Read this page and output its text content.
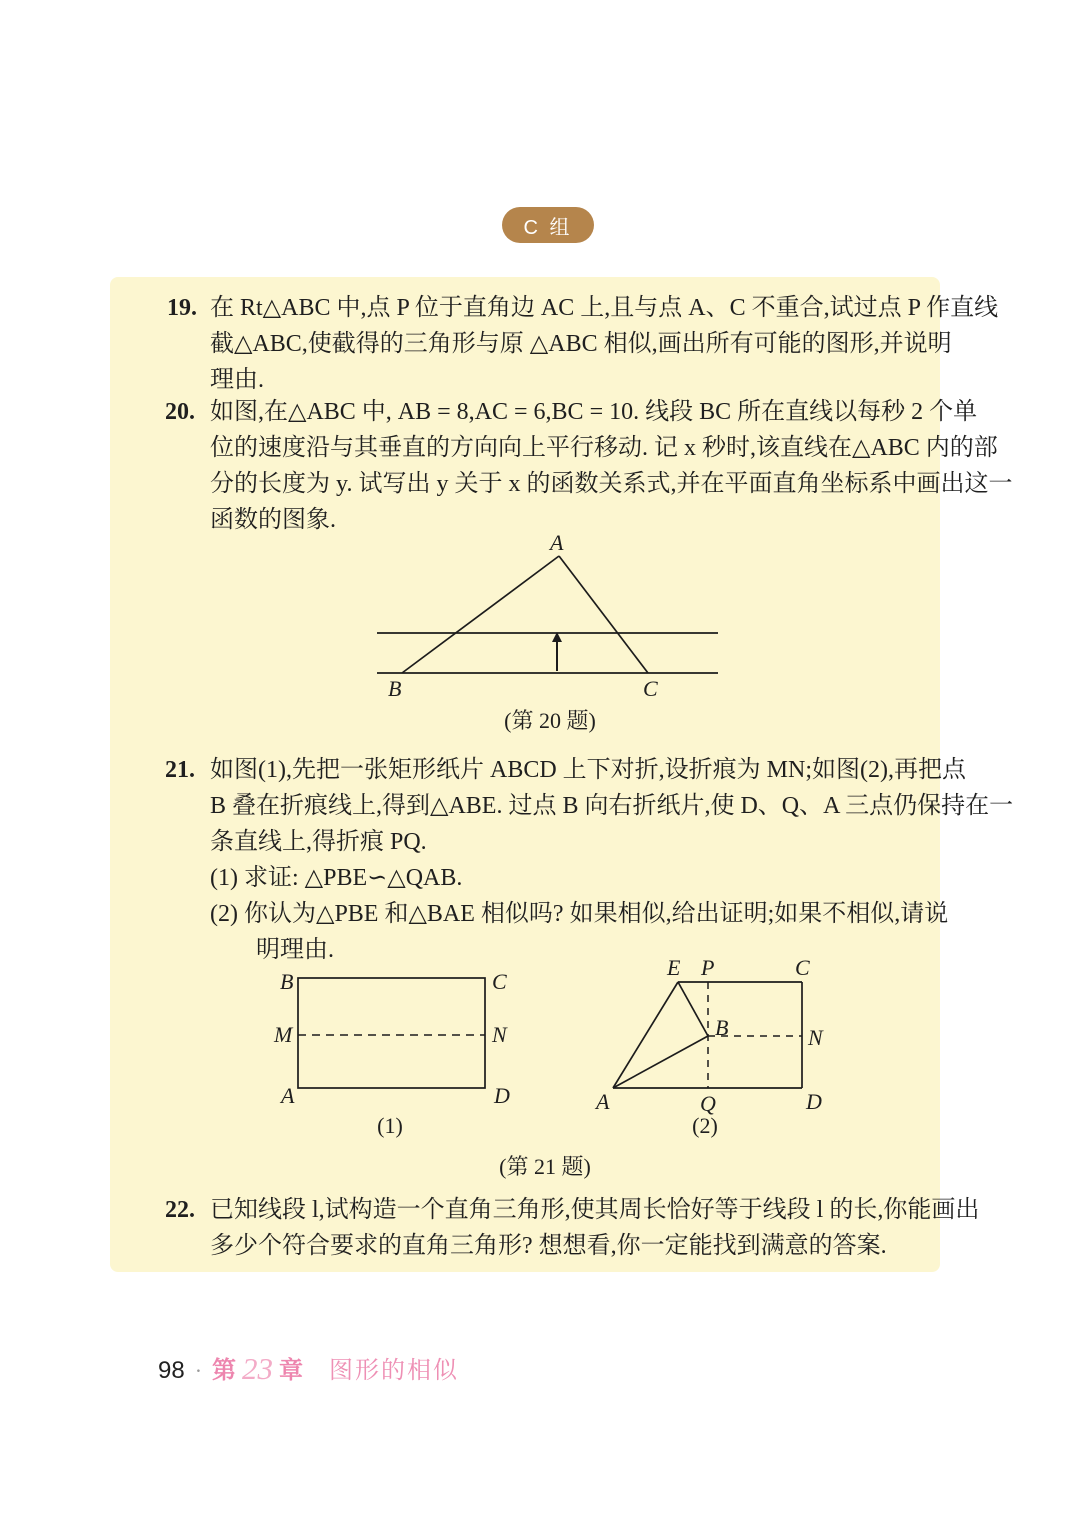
C 组
19. 在 Rt△ABC 中,点 P 位于直角边 AC 上,且与点 A、C 不重合,试过点 P 作直线
截△ABC,使截得的三角形与原 △ABC 相似,画出所有可能的图形,并说明
理由.
20. 如图,在△ABC 中, AB = 8,AC = 6,BC = 10. 线段 BC 所在直线以每秒 2 个单
位的速度沿与其垂直的方向向上平行移动. 记 x 秒时,该直线在△ABC 内的部
分的长度为 y. 试写出 y 关于 x 的函数关系式,并在平面直角坐标系中画出这一
函数的图象.
A
B	C
(第 20 题)
21. 如图(1),先把一张矩形纸片 ABCD 上下对折,设折痕为 MN;如图(2),再把点
B 叠在折痕线上,得到△ABE. 过点 B 向右折纸片,使 D、Q、A 三点仍保持在一
条直线上,得折痕 PQ.
(1) 求证: △PBE∽△QAB.
(2) 你认为△PBE 和△BAE 相似吗? 如果相似,给出证明;如果不相似,请说
明理由.
B	C
M	N
A	D
(1)
E P	C
B	N
A	Q	D
(2)
(第 21 题)
22. 已知线段 l,试构造一个直角三角形,使其周长恰好等于线段 l 的长,你能画出
多少个符合要求的直角三角形? 想想看,你一定能找到满意的答案.
98 · 第 23 章 图形的相似
